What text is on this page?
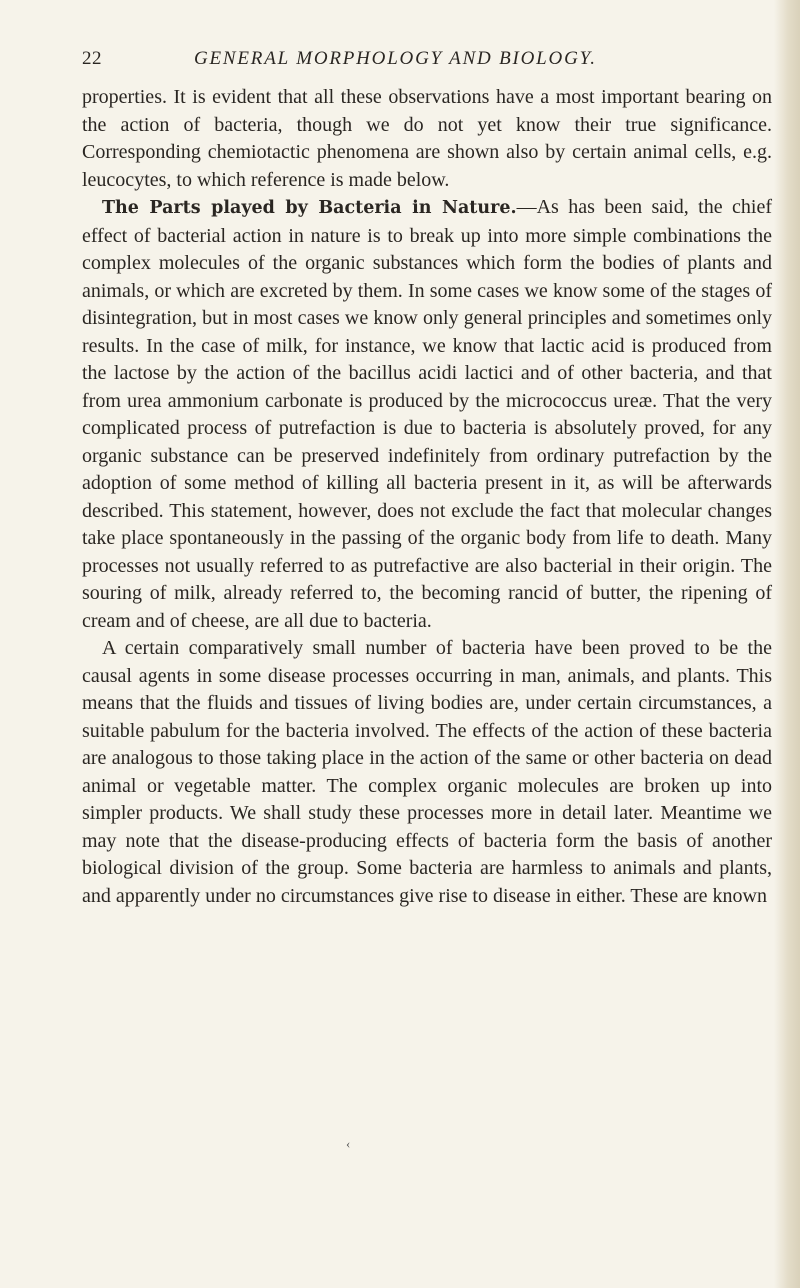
22	GENERAL MORPHOLOGY AND BIOLOGY.

properties. It is evident that all these observations have a most important bearing on the action of bacteria, though we do not yet know their true significance. Corresponding chemiotactic phenomena are shown also by certain animal cells, e.g. leucocytes, to which reference is made below.

The Parts played by Bacteria in Nature.—As has been said, the chief effect of bacterial action in nature is to break up into more simple combinations the complex molecules of the organic substances which form the bodies of plants and animals, or which are excreted by them. In some cases we know some of the stages of disintegration, but in most cases we know only general principles and sometimes only results. In the case of milk, for instance, we know that lactic acid is produced from the lactose by the action of the bacillus acidi lactici and of other bacteria, and that from urea ammonium carbonate is produced by the micrococcus ureæ. That the very complicated process of putrefaction is due to bacteria is absolutely proved, for any organic substance can be preserved indefinitely from ordinary putrefaction by the adoption of some method of killing all bacteria present in it, as will be afterwards described. This statement, however, does not exclude the fact that molecular changes take place spontaneously in the passing of the organic body from life to death. Many processes not usually referred to as putrefactive are also bacterial in their origin. The souring of milk, already referred to, the becoming rancid of butter, the ripening of cream and of cheese, are all due to bacteria.

A certain comparatively small number of bacteria have been proved to be the causal agents in some disease processes occurring in man, animals, and plants. This means that the fluids and tissues of living bodies are, under certain circumstances, a suitable pabulum for the bacteria involved. The effects of the action of these bacteria are analogous to those taking place in the action of the same or other bacteria on dead animal or vegetable matter. The complex organic molecules are broken up into simpler products. We shall study these processes more in detail later. Meantime we may note that the disease-producing effects of bacteria form the basis of another biological division of the group. Some bacteria are harmless to animals and plants, and apparently under no circumstances give rise to disease in either. These are known

‹
